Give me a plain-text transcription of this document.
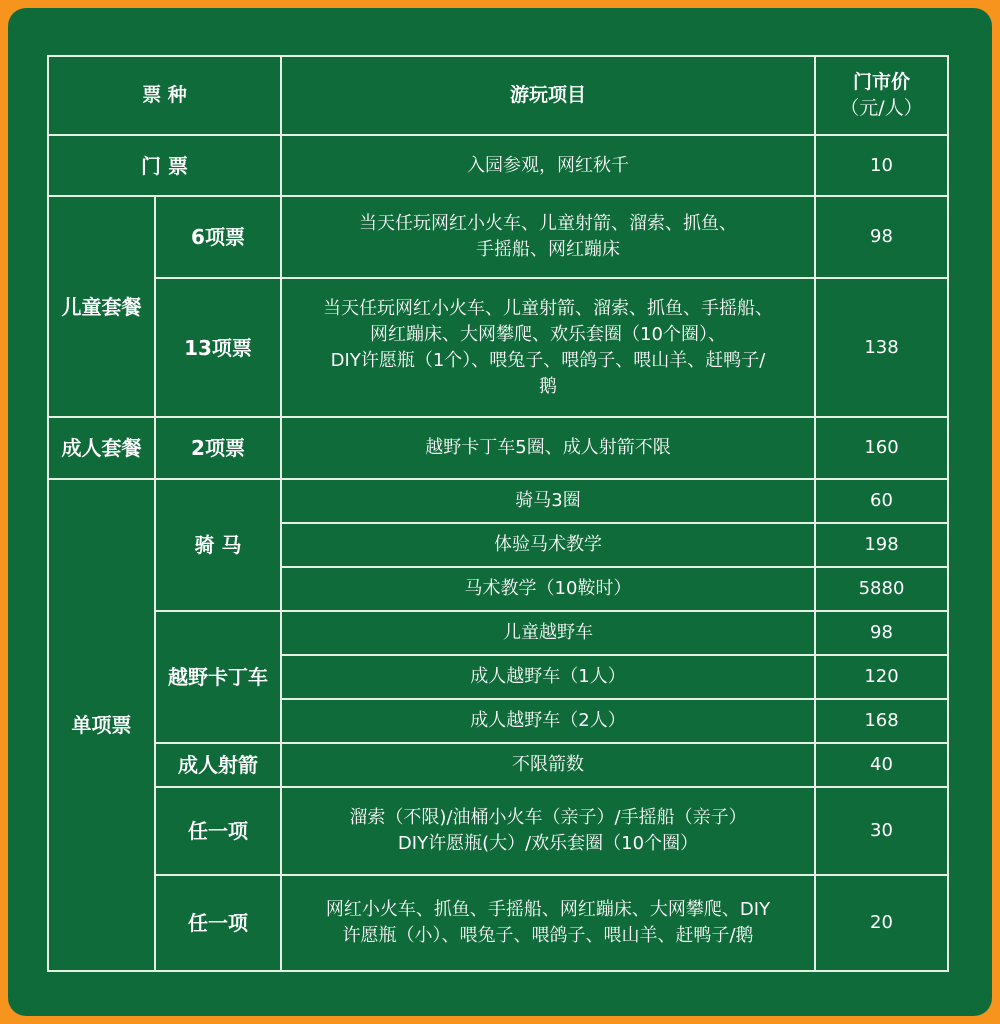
票 种		游玩项目	门市价
（元/人）

门 票		入园参观，网红秋千	10
儿童套餐	6项票	当天任玩网红小火车、儿童射箭、溜索、抓鱼、
手摇船、网红蹦床	98
	13项票	当天任玩网红小火车、儿童射箭、溜索、抓鱼、手摇船、
网红蹦床、大网攀爬、欢乐套圈（10个圈）、
DIY许愿瓶（1个）、喂兔子、喂鸽子、喂山羊、赶鸭子/
鹅	138
成人套餐	2项票	越野卡丁车5圈、成人射箭不限	160
单项票	骑 马	骑马3圈	60
		体验马术教学	198
		马术教学（10鞍时）	5880
	越野卡丁车	儿童越野车	98
		成人越野车（1人）	120
		成人越野车（2人）	168
	成人射箭	不限箭数	40
	任一项	溜索（不限)/油桶小火车（亲子）/手摇船（亲子）
DIY许愿瓶(大）/欢乐套圈（10个圈）	30
	任一项	网红小火车、抓鱼、手摇船、网红蹦床、大网攀爬、DIY
许愿瓶（小）、喂兔子、喂鸽子、喂山羊、赶鸭子/鹅	20
